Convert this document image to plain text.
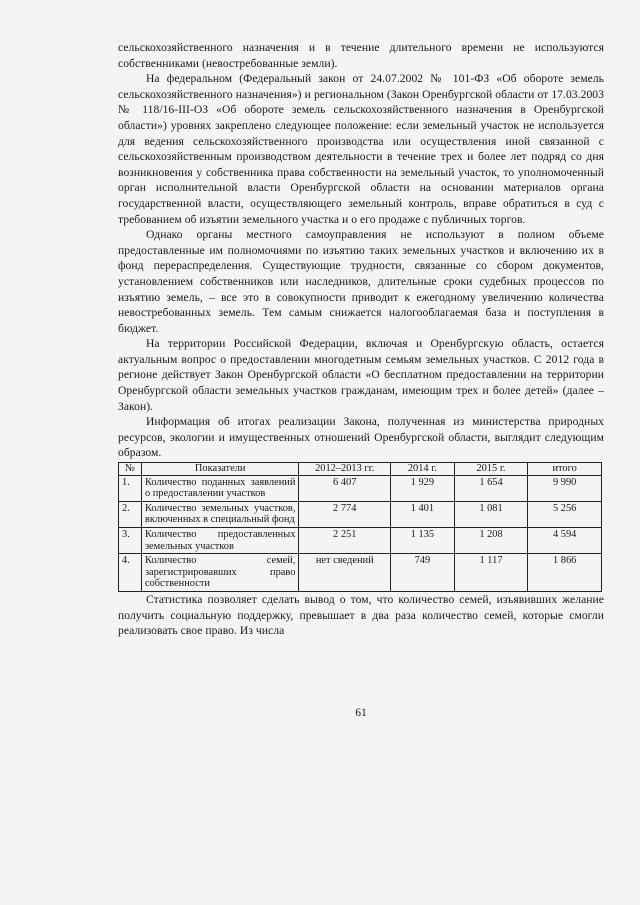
сельскохозяйственного назначения и в течение длительного времени не используются собственниками (невостребованные земли).

На федеральном (Федеральный закон от 24.07.2002 № 101-ФЗ «Об обороте земель сельскохозяйственного назначения») и региональном (Закон Оренбургской области от 17.03.2003 № 118/16-III-ОЗ «Об обороте земель сельскохозяйственного назначения в Оренбургской области») уровнях закреплено следующее положение: если земельный участок не используется для ведения сельскохозяйственного производства или осуществления иной связанной с сельскохозяйственным производством деятельности в течение трех и более лет подряд со дня возникновения у собственника права собственности на земельный участок, то уполномоченный орган исполнительной власти Оренбургской области на основании материалов органа государственной власти, осуществляющего земельный контроль, вправе обратиться в суд с требованием об изъятии земельного участка и о его продаже с публичных торгов.

Однако органы местного самоуправления не используют в полном объеме предоставленные им полномочиями по изъятию таких земельных участков и включению их в фонд перераспределения. Существующие трудности, связанные со сбором документов, установлением собственников или наследников, длительные сроки судебных процессов по изъятию земель, – все это в совокупности приводит к ежегодному увеличению количества невостребованных земель. Тем самым снижается налогооблагаемая база и поступления в бюджет.

На территории Российской Федерации, включая и Оренбургскую область, остается актуальным вопрос о предоставлении многодетным семьям земельных участков. С 2012 года в регионе действует Закон Оренбургской области «О бесплатном предоставлении на территории Оренбургской области земельных участков гражданам, имеющим трех и более детей» (далее – Закон).

Информация об итогах реализации Закона, полученная из министерства природных ресурсов, экологии и имущественных отношений Оренбургской области, выглядит следующим образом.

№	Показатели	2012–2013 гг.	2014 г.	2015 г.	итого
1.	Количество поданных заявлений о предоставлении участков	6 407	1 929	1 654	9 990
2.	Количество земельных участков, включенных в специальный фонд	2 774	1 401	1 081	5 256
3.	Количество предоставленных земельных участков	2 251	1 135	1 208	4 594
4.	Количество семей, зарегистрировавших право собственности	нет сведений	749	1 117	1 866

Статистика позволяет сделать вывод о том, что количество семей, изъявивших желание получить социальную поддержку, превышает в два раза количество семей, которые смогли реализовать свое право. Из числа

61
